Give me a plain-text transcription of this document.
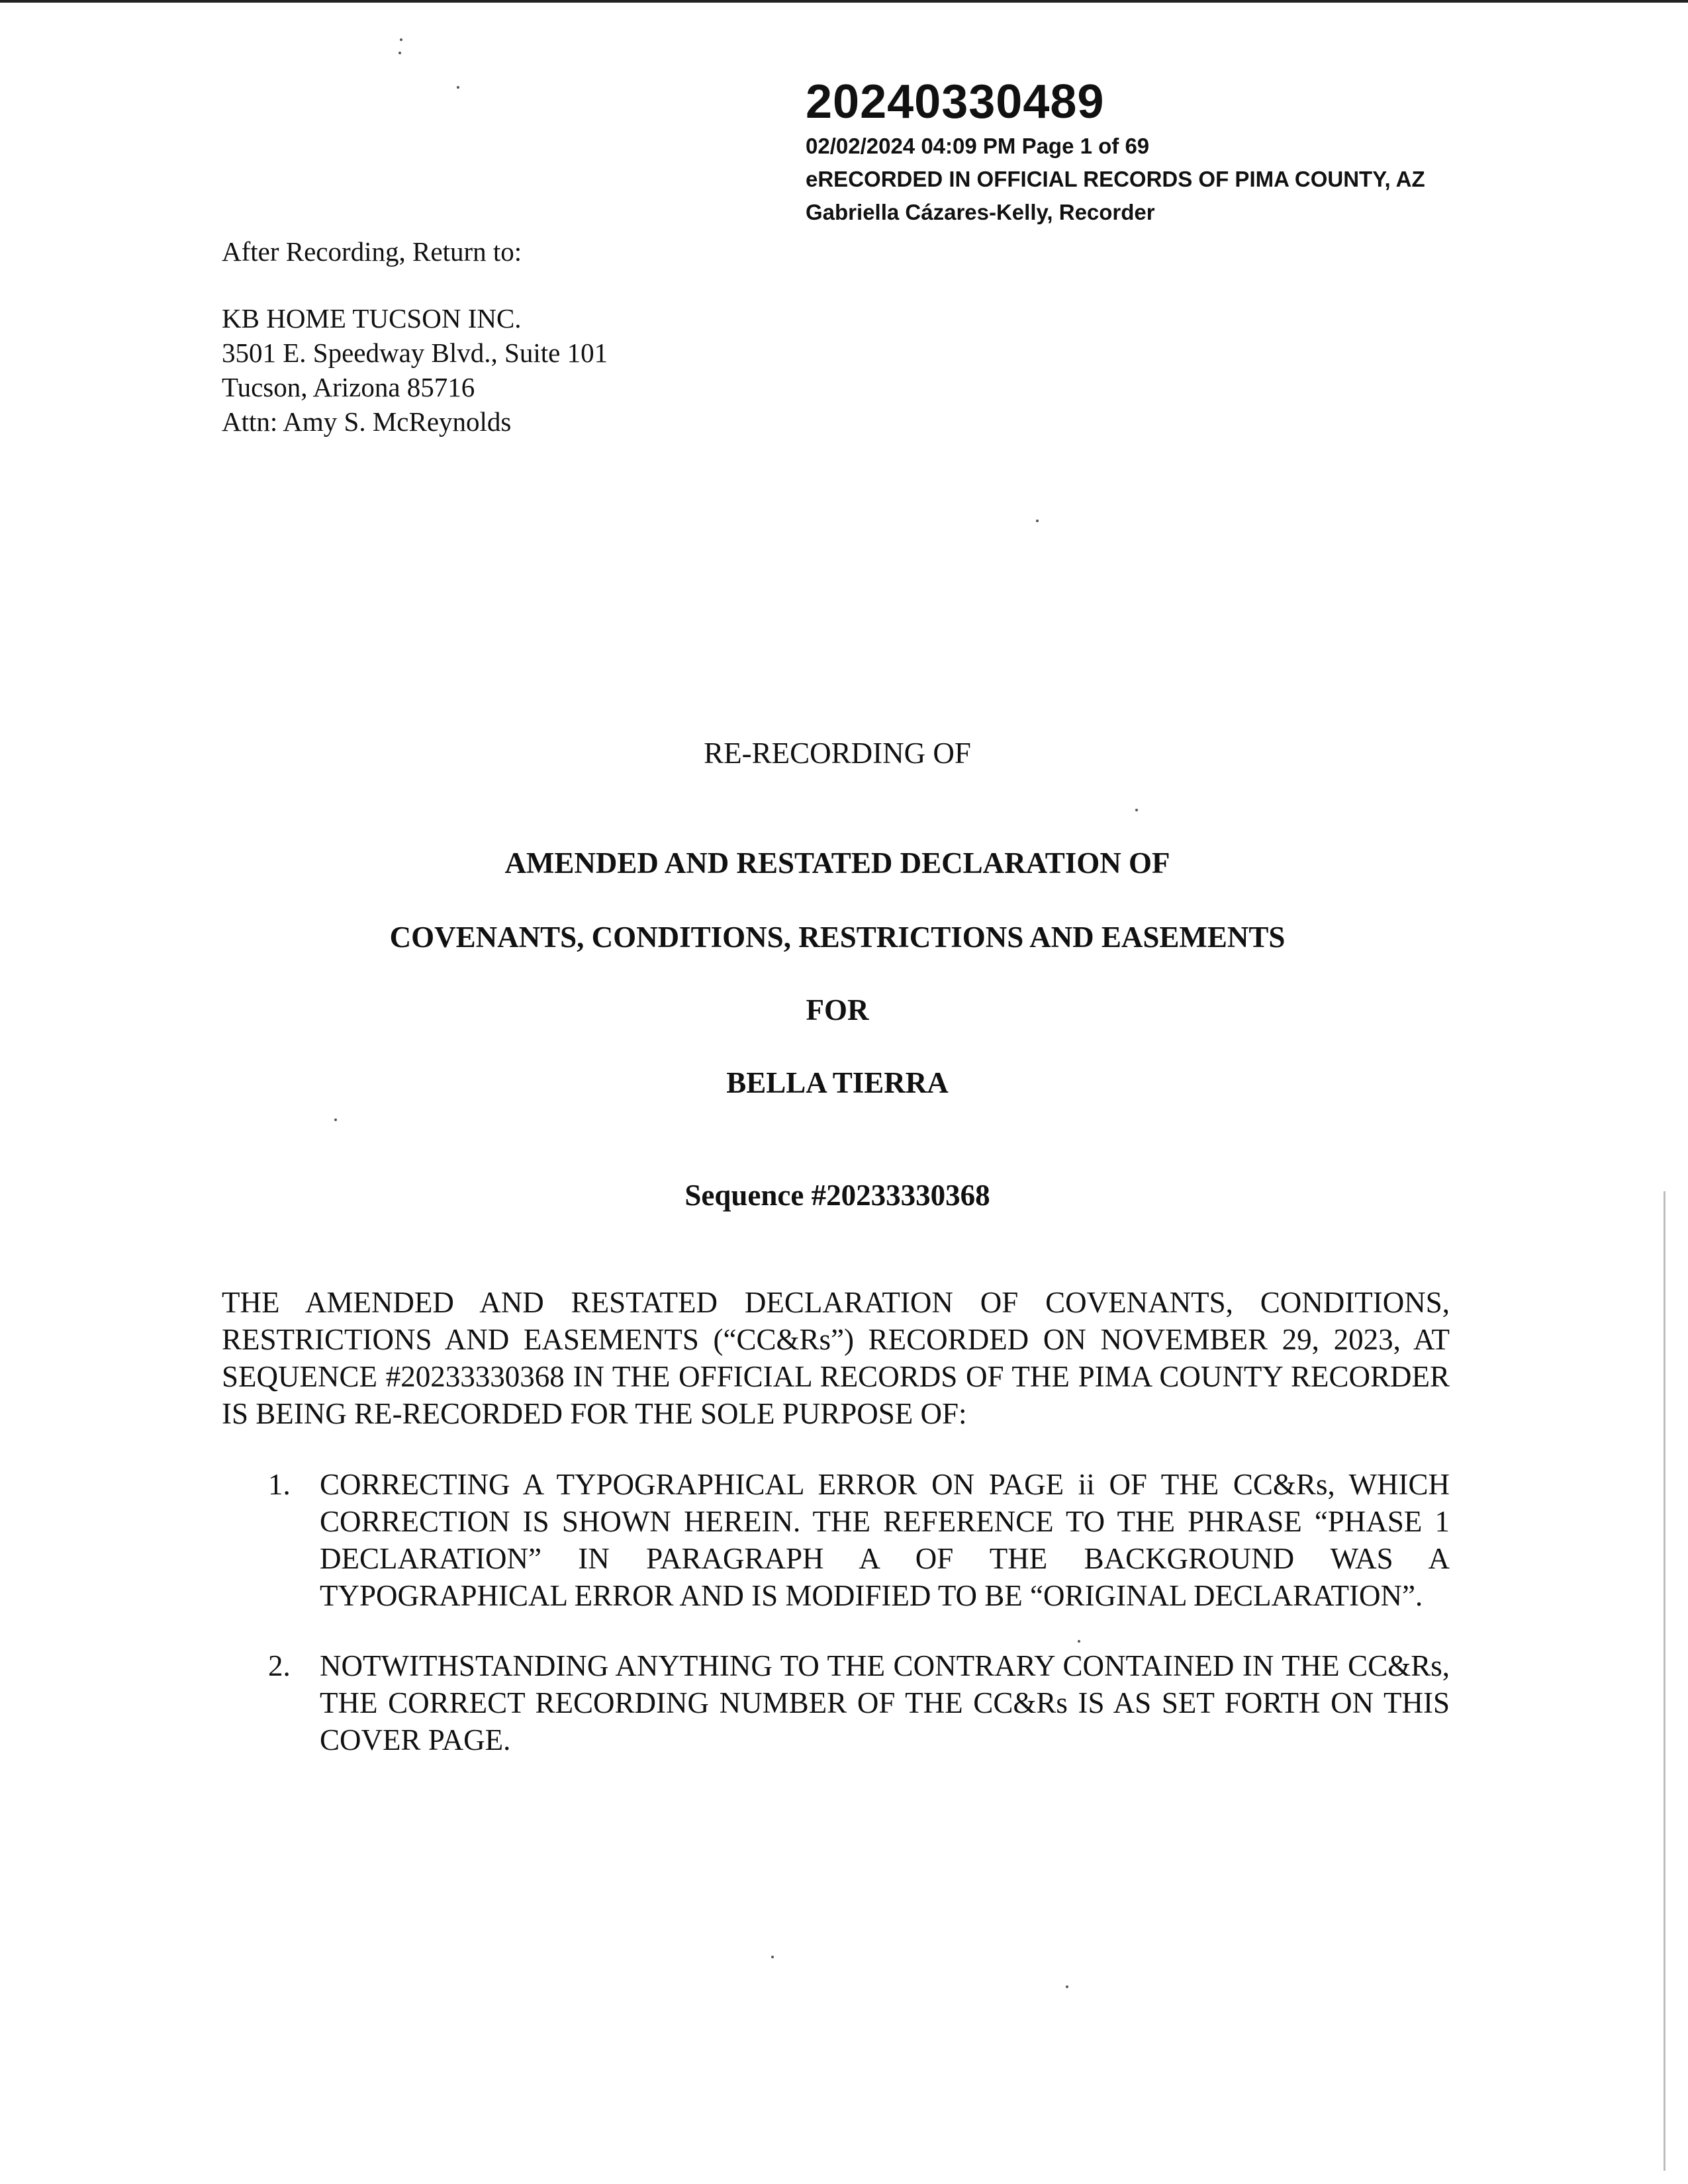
20240330489
02/02/2024 04:09 PM Page 1 of 69
eRECORDED IN OFFICIAL RECORDS OF PIMA COUNTY, AZ
Gabriella Cázares-Kelly, Recorder
After Recording, Return to:
KB HOME TUCSON INC.
3501 E. Speedway Blvd., Suite 101
Tucson, Arizona 85716
Attn: Amy S. McReynolds
RE-RECORDING OF
AMENDED AND RESTATED DECLARATION OF
COVENANTS, CONDITIONS, RESTRICTIONS AND EASEMENTS
FOR
BELLA TIERRA
Sequence #20233330368
THE AMENDED AND RESTATED DECLARATION OF COVENANTS, CONDITIONS, RESTRICTIONS AND EASEMENTS (“CC&Rs”) RECORDED ON NOVEMBER 29, 2023, AT SEQUENCE #20233330368 IN THE OFFICIAL RECORDS OF THE PIMA COUNTY RECORDER IS BEING RE-RECORDED FOR THE SOLE PURPOSE OF:
1. CORRECTING A TYPOGRAPHICAL ERROR ON PAGE ii OF THE CC&Rs, WHICH CORRECTION IS SHOWN HEREIN. THE REFERENCE TO THE PHRASE “PHASE 1 DECLARATION” IN PARAGRAPH A OF THE BACKGROUND WAS A TYPOGRAPHICAL ERROR AND IS MODIFIED TO BE “ORIGINAL DECLARATION”.
2. NOTWITHSTANDING ANYTHING TO THE CONTRARY CONTAINED IN THE CC&Rs, THE CORRECT RECORDING NUMBER OF THE CC&Rs IS AS SET FORTH ON THIS COVER PAGE.
